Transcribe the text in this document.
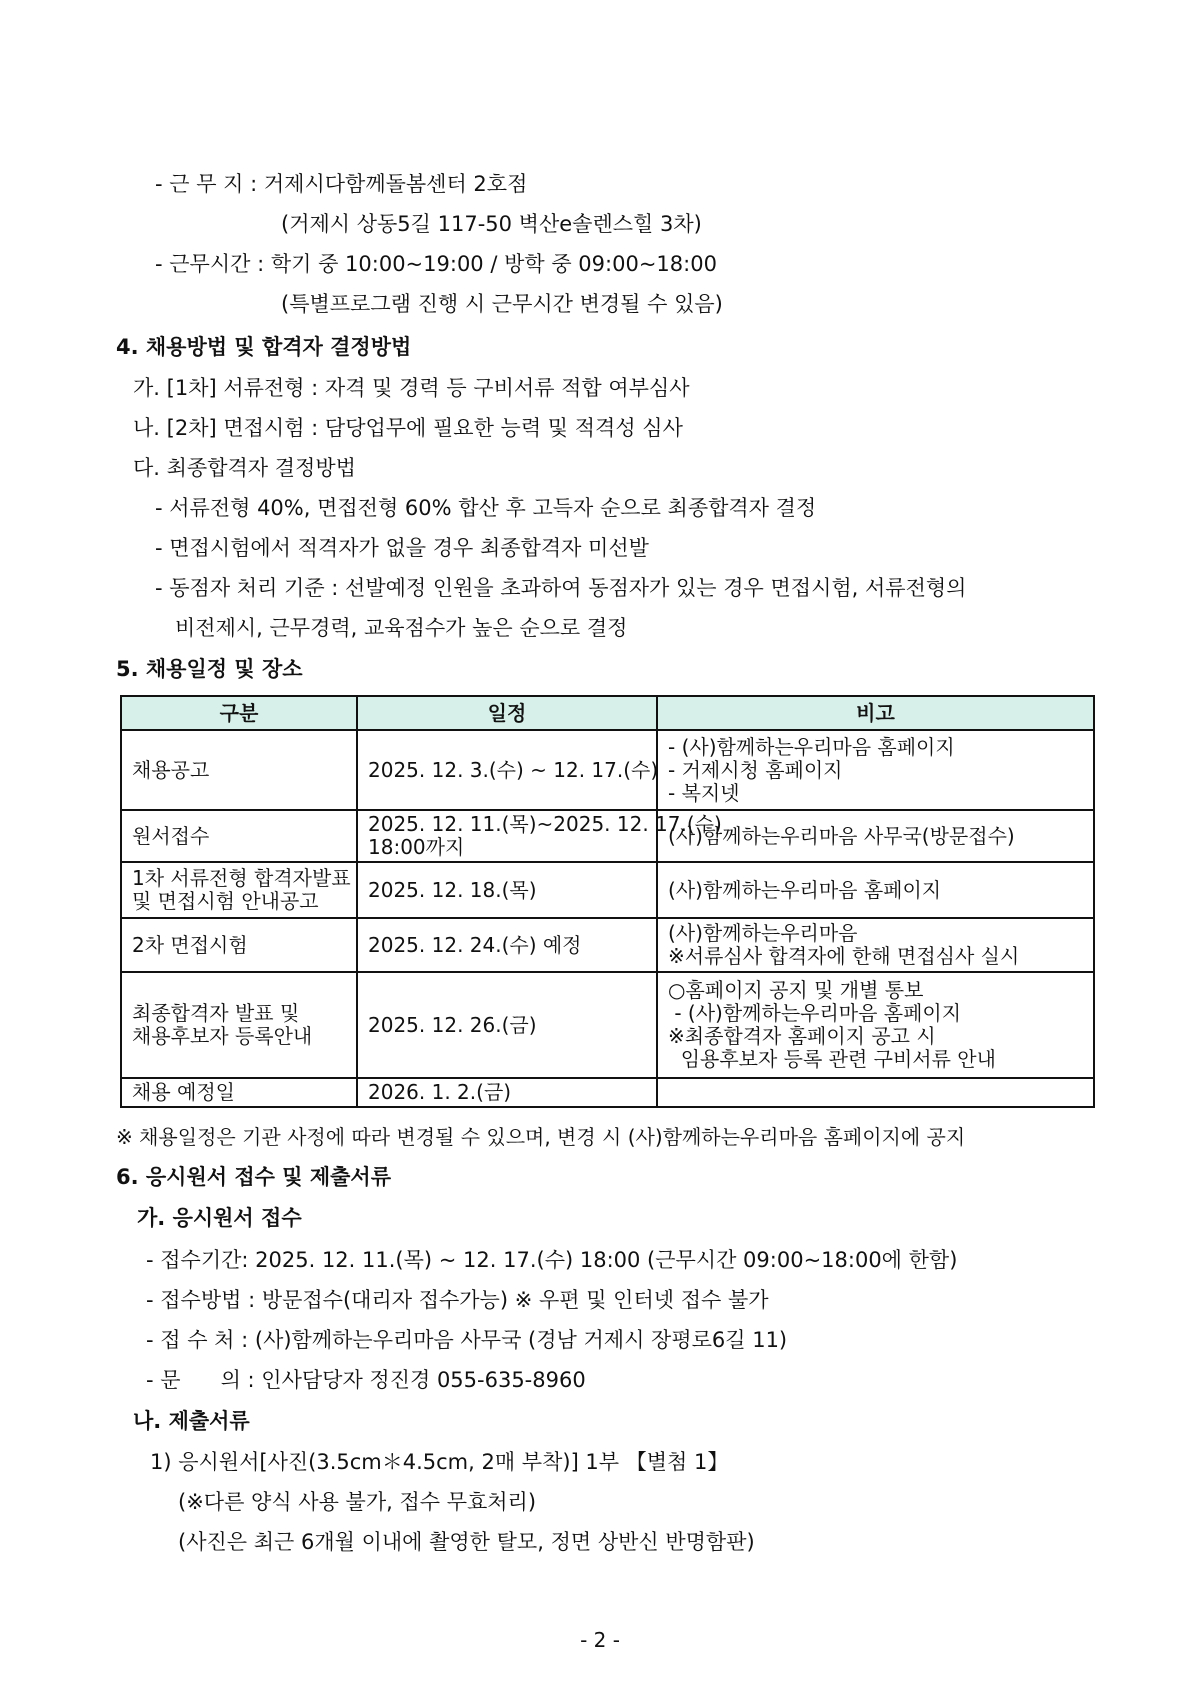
- 근 무 지 : 거제시다함께돌봄센터 2호점
(거제시 상동5길 117-50 벽산e솔렌스힐 3차)
- 근무시간 : 학기 중 10:00~19:00 / 방학 중 09:00~18:00
(특별프로그램 진행 시 근무시간 변경될 수 있음)
4. 채용방법 및 합격자 결정방법
가. [1차] 서류전형 : 자격 및 경력 등 구비서류 적합 여부심사
나. [2차] 면접시험 : 담당업무에 필요한 능력 및 적격성 심사
다. 최종합격자 결정방법
- 서류전형 40%, 면접전형 60% 합산 후 고득자 순으로 최종합격자 결정
- 면접시험에서 적격자가 없을 경우 최종합격자 미선발
- 동점자 처리 기준 : 선발예정 인원을 초과하여 동점자가 있는 경우 면접시험, 서류전형의
비전제시, 근무경력, 교육점수가 높은 순으로 결정
5. 채용일정 및 장소
구분	일정	비고

채용공고	2025. 12. 3.(수) ~ 12. 17.(수)	- (사)함께하는우리마음 홈페이지
- 거제시청 홈페이지
- 복지넷

원서접수	2025. 12. 11.(목)~2025. 12. 17.(수)
18:00까지	(사)함께하는우리마음 사무국(방문접수)

1차 서류전형 합격자발표
및 면접시험 안내공고	2025. 12. 18.(목)	(사)함께하는우리마음 홈페이지

2차 면접시험	2025. 12. 24.(수) 예정	(사)함께하는우리마음
※서류심사 합격자에 한해 면접심사 실시

최종합격자 발표 및
채용후보자 등록안내	2025. 12. 26.(금)	○홈페이지 공지 및 개별 통보
- (사)함께하는우리마음 홈페이지
※최종합격자 홈페이지 공고 시
임용후보자 등록 관련 구비서류 안내

채용 예정일	2026. 1. 2.(금)	

※ 채용일정은 기관 사정에 따라 변경될 수 있으며, 변경 시 (사)함께하는우리마음 홈페이지에 공지
6. 응시원서 접수 및 제출서류
가. 응시원서 접수
- 접수기간: 2025. 12. 11.(목) ~ 12. 17.(수) 18:00 (근무시간 09:00~18:00에 한함)
- 접수방법 : 방문접수(대리자 접수가능) ※ 우편 및 인터넷 접수 불가
- 접 수 처 : (사)함께하는우리마음 사무국 (경남 거제시 장평로6길 11)
- 문      의 : 인사담당자 정진경 055-635-8960
나. 제출서류
1) 응시원서[사진(3.5cm＊4.5cm, 2매 부착)] 1부 【별첨 1】
(※다른 양식 사용 불가, 접수 무효처리)
(사진은 최근 6개월 이내에 촬영한 탈모, 정면 상반신 반명함판)
- 2 -
